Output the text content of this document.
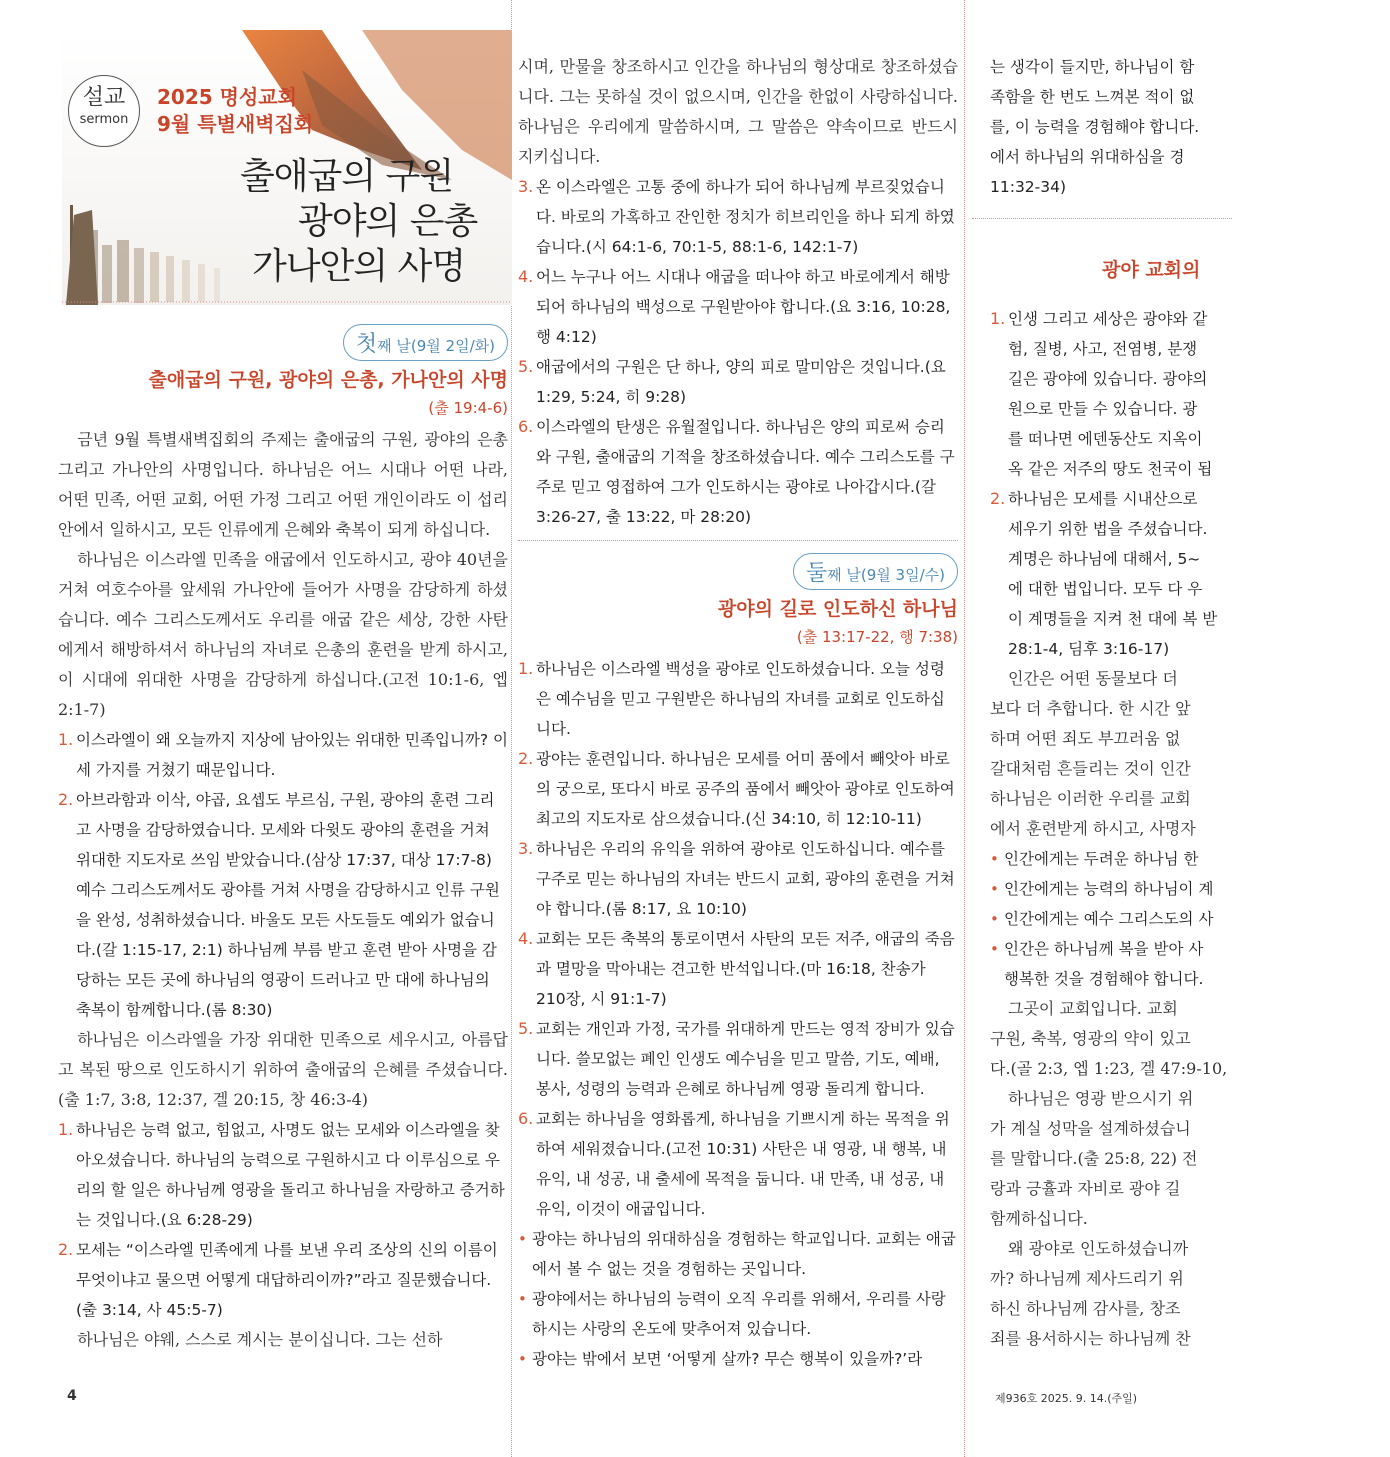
설교
sermon
2025 명성교회
9월 특별새벽집회
출애굽의 구원
광야의 은총
가나안의 사명
첫째 날(9월 2일/화)
출애굽의 구원, 광야의 은총, 가나안의 사명
(출 19:4-6)

금년 9월 특별새벽집회의 주제는 출애굽의 구원, 광야의 은총 그리고 가나안의 사명입니다. 하나님은 어느 시대나 어떤 나라, 어떤 민족, 어떤 교회, 어떤 가정 그리고 어떤 개인이라도 이 섭리 안에서 일하시고, 모든 인류에게 은혜와 축복이 되게 하십니다.

하나님은 이스라엘 민족을 애굽에서 인도하시고, 광야 40년을 거쳐 여호수아를 앞세워 가나안에 들어가 사명을 감당하게 하셨습니다. 예수 그리스도께서도 우리를 애굽 같은 세상, 강한 사탄에게서 해방하셔서 하나님의 자녀로 은총의 훈련을 받게 하시고, 이 시대에 위대한 사명을 감당하게 하십니다.(고전 10:1-6, 엡 2:1-7)

1. 이스라엘이 왜 오늘까지 지상에 남아있는 위대한 민족입니까? 이 세 가지를 거쳤기 때문입니다.
2. 아브라함과 이삭, 야곱, 요셉도 부르심, 구원, 광야의 훈련 그리고 사명을 감당하였습니다. 모세와 다윗도 광야의 훈련을 거쳐 위대한 지도자로 쓰임 받았습니다.(삼상 17:37, 대상 17:7-8) 예수 그리스도께서도 광야를 거쳐 사명을 감당하시고 인류 구원을 완성, 성취하셨습니다. 바울도 모든 사도들도 예외가 없습니다.(갈 1:15-17, 2:1) 하나님께 부름 받고 훈련 받아 사명을 감당하는 모든 곳에 하나님의 영광이 드러나고 만 대에 하나님의 축복이 함께합니다.(롬 8:30)

하나님은 이스라엘을 가장 위대한 민족으로 세우시고, 아름답고 복된 땅으로 인도하시기 위하여 출애굽의 은혜를 주셨습니다.(출 1:7, 3:8, 12:37, 겔 20:15, 창 46:3-4)

1. 하나님은 능력 없고, 힘없고, 사명도 없는 모세와 이스라엘을 찾아오셨습니다. 하나님의 능력으로 구원하시고 다 이루심으로 우리의 할 일은 하나님께 영광을 돌리고 하나님을 자랑하고 증거하는 것입니다.(요 6:28-29)
2. 모세는 “이스라엘 민족에게 나를 보낸 우리 조상의 신의 이름이 무엇이냐고 물으면 어떻게 대답하리이까?”라고 질문했습니다.(출 3:14, 사 45:5-7)

하나님은 야웨, 스스로 계시는 분이십니다. 그는 선하

시며, 만물을 창조하시고 인간을 하나님의 형상대로 창조하셨습니다. 그는 못하실 것이 없으시며, 인간을 한없이 사랑하십니다. 하나님은 우리에게 말씀하시며, 그 말씀은 약속이므로 반드시 지키십니다.

3. 온 이스라엘은 고통 중에 하나가 되어 하나님께 부르짖었습니다. 바로의 가혹하고 잔인한 정치가 히브리인을 하나 되게 하였습니다.(시 64:1-6, 70:1-5, 88:1-6, 142:1-7)
4. 어느 누구나 어느 시대나 애굽을 떠나야 하고 바로에게서 해방되어 하나님의 백성으로 구원받아야 합니다.(요 3:16, 10:28, 행 4:12)
5. 애굽에서의 구원은 단 하나, 양의 피로 말미암은 것입니다.(요 1:29, 5:24, 히 9:28)
6. 이스라엘의 탄생은 유월절입니다. 하나님은 양의 피로써 승리와 구원, 출애굽의 기적을 창조하셨습니다. 예수 그리스도를 구주로 믿고 영접하여 그가 인도하시는 광야로 나아갑시다.(갈 3:26-27, 출 13:22, 마 28:20)
둘째 날(9월 3일/수)
광야의 길로 인도하신 하나님
(출 13:17-22, 행 7:38)
1. 하나님은 이스라엘 백성을 광야로 인도하셨습니다. 오늘 성령은 예수님을 믿고 구원받은 하나님의 자녀를 교회로 인도하십니다.
2. 광야는 훈련입니다. 하나님은 모세를 어미 품에서 빼앗아 바로의 궁으로, 또다시 바로 공주의 품에서 빼앗아 광야로 인도하여 최고의 지도자로 삼으셨습니다.(신 34:10, 히 12:10-11)
3. 하나님은 우리의 유익을 위하여 광야로 인도하십니다. 예수를 구주로 믿는 하나님의 자녀는 반드시 교회, 광야의 훈련을 거쳐야 합니다.(롬 8:17, 요 10:10)
4. 교회는 모든 축복의 통로이면서 사탄의 모든 저주, 애굽의 죽음과 멸망을 막아내는 견고한 반석입니다.(마 16:18, 찬송가 210장, 시 91:1-7)
5. 교회는 개인과 가정, 국가를 위대하게 만드는 영적 장비가 있습니다. 쓸모없는 폐인 인생도 예수님을 믿고 말씀, 기도, 예배, 봉사, 성령의 능력과 은혜로 하나님께 영광 돌리게 합니다.
6. 교회는 하나님을 영화롭게, 하나님을 기쁘시게 하는 목적을 위하여 세워졌습니다.(고전 10:31) 사탄은 내 영광, 내 행복, 내 유익, 내 성공, 내 출세에 목적을 둡니다. 내 만족, 내 성공, 내 유익, 이것이 애굽입니다.
• 광야는 하나님의 위대하심을 경험하는 학교입니다. 교회는 애굽에서 볼 수 없는 것을 경험하는 곳입니다.
• 광야에서는 하나님의 능력이 오직 우리를 위해서, 우리를 사랑하시는 사랑의 온도에 맞추어져 있습니다.
• 광야는 밖에서 보면 ‘어떻게 살까? 무슨 행복이 있을까?’라
는 생각이 들지만, 하나님이 함
족함을 한 번도 느껴본 적이 없
를, 이 능력을 경험해야 합니다.
에서 하나님의 위대하심을 경
11:32-34)
광야 교회의
1. 인생 그리고 세상은 광야와 같
험, 질병, 사고, 전염병, 분쟁
길은 광야에 있습니다. 광야의
원으로 만들 수 있습니다. 광
를 떠나면 에덴동산도 지옥이
옥 같은 저주의 땅도 천국이 됩
2. 하나님은 모세를 시내산으로
세우기 위한 법을 주셨습니다.
계명은 하나님에 대해서, 5~
에 대한 법입니다. 모두 다 우
이 계명들을 지켜 천 대에 복 받
28:1-4, 딤후 3:16-17)
인간은 어떤 동물보다 더
보다 더 추합니다. 한 시간 앞
하며 어떤 죄도 부끄러움 없
갈대처럼 흔들리는 것이 인간
하나님은 이러한 우리를 교회
에서 훈련받게 하시고, 사명자
• 인간에게는 두려운 하나님 한
• 인간에게는 능력의 하나님이 계
• 인간에게는 예수 그리스도의 사
• 인간은 하나님께 복을 받아 사
행복한 것을 경험해야 합니다.
그곳이 교회입니다. 교회
구원, 축복, 영광의 약이 있고
다.(골 2:3, 엡 1:23, 겔 47:9-10,
하나님은 영광 받으시기 위
가 계실 성막을 설계하셨습니
를 말합니다.(출 25:8, 22) 전
랑과 긍휼과 자비로 광야 길
함께하십니다.
왜 광야로 인도하셨습니까
까? 하나님께 제사드리기 위
하신 하나님께 감사를, 창조
죄를 용서하시는 하나님께 찬
4	제936호 2025. 9. 14.(주일)
